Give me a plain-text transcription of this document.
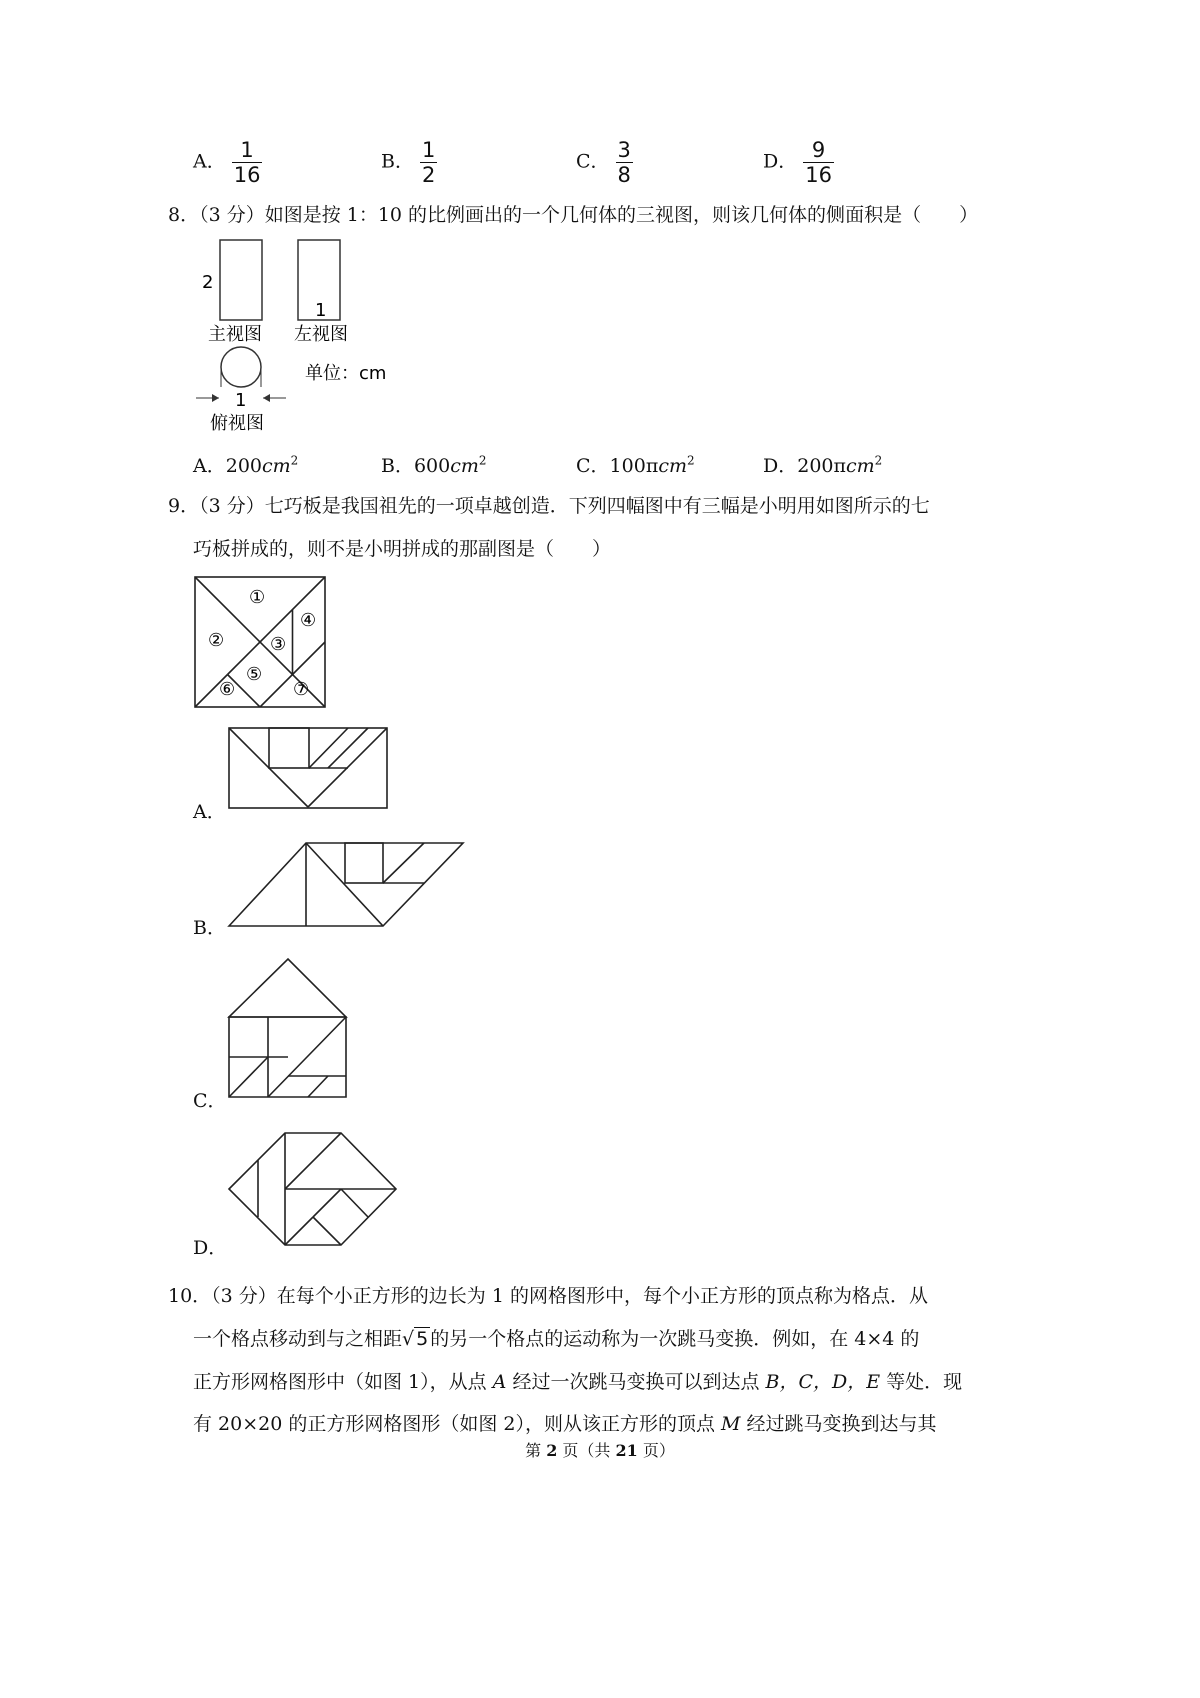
A． $\frac{1}{16}$	B． $\frac{1}{2}$	C． $\frac{3}{8}$	D． $\frac{9}{16}$
8．（3 分）如图是按 1：10 的比例画出的一个几何体的三视图，则该几何体的侧面积是（　　）
2
1
主视图 左视图
单位：cm
1
俯视图
A．$200cm^2$	B．$600cm^2$	C．100πcm$^2$	D．200πcm$^2$
9．（3 分）七巧板是我国祖先的一项卓越创造．下列四幅图中有三幅是小明用如图所示的七
巧板拼成的，则不是小明拼成的那副图是（　　）
①
②	③
④
⑤
⑥	⑦
A．
B．
C．
D．
10．（3 分）在每个小正方形的边长为 1 的网格图形中，每个小正方形的顶点称为格点．从
一个格点移动到与之相距√ 5 的另一个格点的运动称为一次跳马变换．例如，在 4×4 的
正方形网格图形中（如图 1），从点 A 经过一次跳马变换可以到达点 B，C，D，E 等处．现
有 20×20 的正方形网格图形（如图 2），则从该正方形的顶点 M 经过跳马变换到达与其
第 2 页（共 21 页）
